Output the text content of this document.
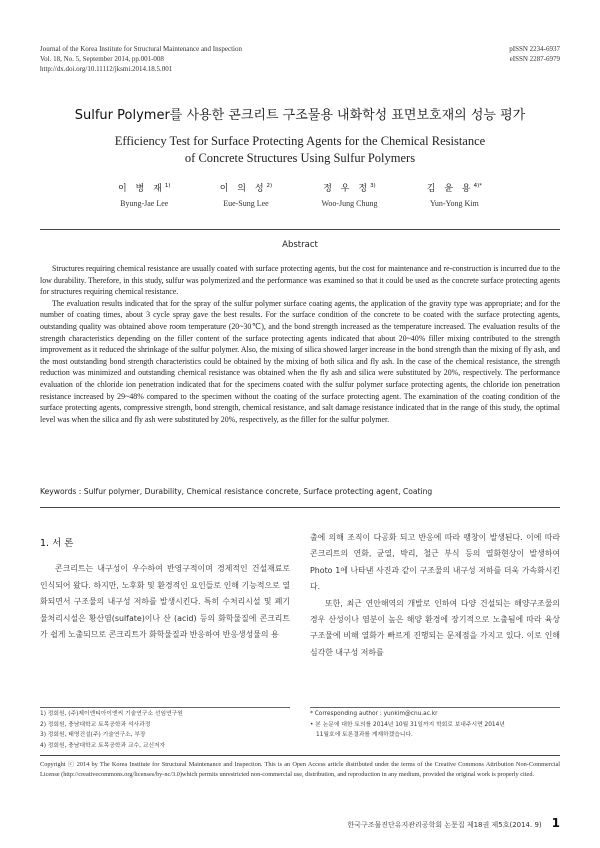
Journal of the Korea Institute for Structural Maintenance and Inspection
Vol. 18, No. 5, September 2014, pp.001-008
http://dx.doi.org/10.11112/jksmi.2014.18.5.001
pISSN 2234-6937
eISSN 2287-6979
Sulfur Polymer를 사용한 콘크리트 구조물용 내화학성 표면보호재의 성능 평가
Efficiency Test for Surface Protecting Agents for the Chemical Resistance
of Concrete Structures Using Sulfur Polymers
이 병 재$^{1)}$
Byung-Jae Lee
이 의 성$^{2)}$
Eue-Sung Lee
정 우 정$^{3)}$
Woo-Jung Chung
김 윤 용$^{4)*}$
Yun-Yong Kim
Abstract

Structures requiring chemical resistance are usually coated with surface protecting agents, but the cost for maintenance and re-construction is incurred due to the low durability. Therefore, in this study, sulfur was polymerized and the performance was examined so that it could be used as the concrete surface protecting agents for structures requiring chemical resistance.

The evaluation results indicated that for the spray of the sulfur polymer surface coating agents, the application of the gravity type was appropriate; and for the number of coating times, about 3 cycle spray gave the best results. For the surface condition of the concrete to be coated with the surface protecting agents, outstanding quality was obtained above room temperature (20~30℃), and the bond strength increased as the temperature increased. The evaluation results of the strength characteristics depending on the filler content of the surface protecting agents indicated that about 20~40% filler mixing contributed to the strength improvement as it reduced the shrinkage of the sulfur polymer. Also, the mixing of silica showed larger increase in the bond strength than the mixing of fly ash, and the most outstanding bond strength characteristics could be obtained by the mixing of both silica and fly ash. In the case of the chemical resistance, the strength reduction was minimized and outstanding chemical resistance was obtained when the fly ash and silica were substituted by 20%, respectively. The performance evaluation of the chloride ion penetration indicated that for the specimens coated with the sulfur polymer surface protecting agents, the chloride ion penetration resistance increased by 29~48% compared to the specimen without the coating of the surface protecting agent. The examination of the coating condition of the surface protecting agents, compressive strength, bond strength, chemical resistance, and salt damage resistance indicated that in the range of this study, the optimal level was when the silica and fly ash were substituted by 20%, respectively, as the filler for the sulfur polymer.

Keywords : Sulfur polymer, Durability, Chemical resistance concrete, Surface protecting agent, Coating
1. 서 론

콘크리트는 내구성이 우수하여 반영구적이며 경제적인 건설재료로 인식되어 왔다. 하지만, 노후화 및 환경적인 요인들로 인해 기능적으로 열화되면서 구조물의 내구성 저하를 발생시킨다. 특히 수처리시설 및 폐기물처리시설은 황산염(sulfate)이나 산 (acid) 등의 화학물질에 콘크리트가 쉽게 노출되므로 콘크리트가 화학물질과 반응하여 반응생성물의 용

출에 의해 조직이 다공화 되고 반응에 따라 팽창이 발생된다. 이에 따라 콘크리트의 연화, 균열, 박리, 철근 부식 등의 열화현상이 발생하여 Photo 1에 나타낸 사진과 같이 구조물의 내구성 저하를 더욱 가속화시킨다.

또한, 최근 연안해역의 개발로 인하여 다양 건설되는 해양구조물의 경우 산성이나 염분이 높은 해양 환경에 장기적으로 노출됨에 따라 육상구조물에 비해 열화가 빠르게 진행되는 문제점을 가지고 있다. 이로 인해 심각한 내구성 저하를

1) 정회원, (주)제이엔티아이엔씨 기술연구소 선임연구원
2) 정회원, 충남대학교 토목공학과 석사과정
3) 정회원, 태영건설(주) 기술연구소, 부장
4) 정회원, 충남대학교 토목공학과 교수, 교신저자
* Corresponding author : yunkim@cnu.ac.kr
• 본 논문에 대한 토의를 2014년 10월 31일까지 학회로 보내주시면 2014년
11월호에 토론결과를 게재하겠습니다.
Copyright ⓒ 2014 by The Korea Institute for Structural Maintenance and Inspection. This is an Open Access article distributed under the terms of the Creative Commons Attribution Non-Commercial License (http://creativecommons.org/licenses/by-nc/3.0)which permits unrestricted non-commercial use, distribution, and reproduction in any medium, provided the original work is properly cited.
한국구조물진단유지관리공학회 논문집 제18권 제5호(2014. 9) 1
